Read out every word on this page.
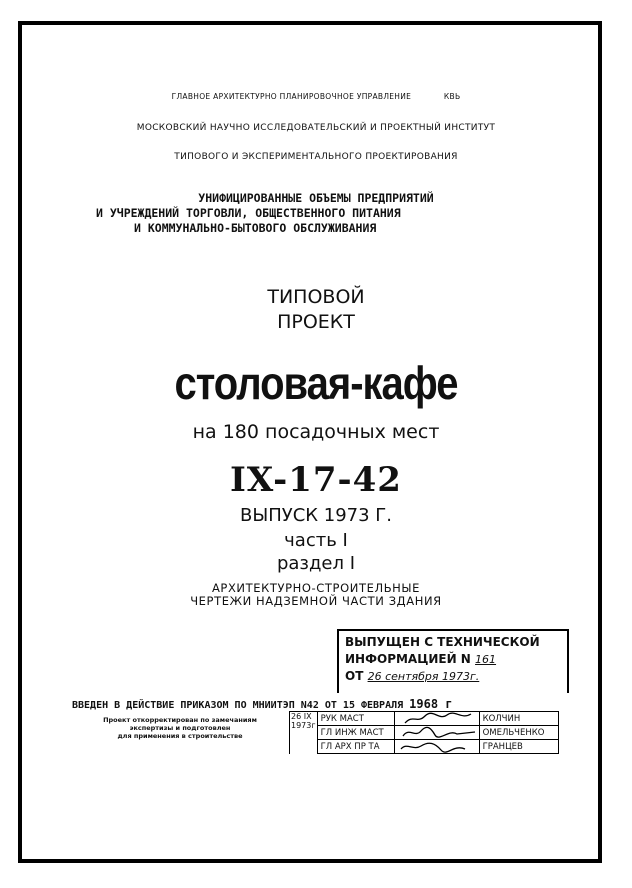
ГЛАВНОЕ АРХИТЕКТУРНО ПЛАНИРОВОЧНОЕ УПРАВЛЕНИЕ	КВЬ
МОСКОВСКИЙ НАУЧНО ИССЛЕДОВАТЕЛЬСКИЙ И ПРОЕКТНЫЙ ИНСТИТУТ
ТИПОВОГО И ЭКСПЕРИМЕНТАЛЬНОГО ПРОЕКТИРОВАНИЯ
УНИФИЦИРОВАННЫЕ ОБЪЕМЫ ПРЕДПРИЯТИЙ
И УЧРЕЖДЕНИЙ ТОРГОВЛИ, ОБЩЕСТВЕННОГО ПИТАНИЯ
И КОММУНАЛЬНО-БЫТОВОГО ОБСЛУЖИВАНИЯ
ТИПОВОЙ
ПРОЕКТ
столовая-кафе
на 180 посадочных мест
IX-17-42
ВЫПУСК 1973 Г.
часть I
раздел I
АРХИТЕКТУРНО-СТРОИТЕЛЬНЫЕ
ЧЕРТЕЖИ НАДЗЕМНОЙ ЧАСТИ ЗДАНИЯ
ВЫПУЩЕН С ТЕХНИЧЕСКОЙ
ИНФОРМАЦИЕЙ N 161
ОТ 26 сентября 1973г.
ВВЕДЕН В ДЕЙСТВИЕ ПРИКАЗОМ ПО МНИИТЭП N42 ОТ 15 ФЕВРАЛЯ 1968 г
Проект откорректирован по замечаниям
экспертизы и подготовлен
для применения в строительстве
26 IX
1973г	РУК МАСТ		КОЛЧИН
	ГЛ ИНЖ МАСТ		ОМЕЛЬЧЕНКО
	ГЛ АРХ ПР ТА		ГРАНЦЕВ
